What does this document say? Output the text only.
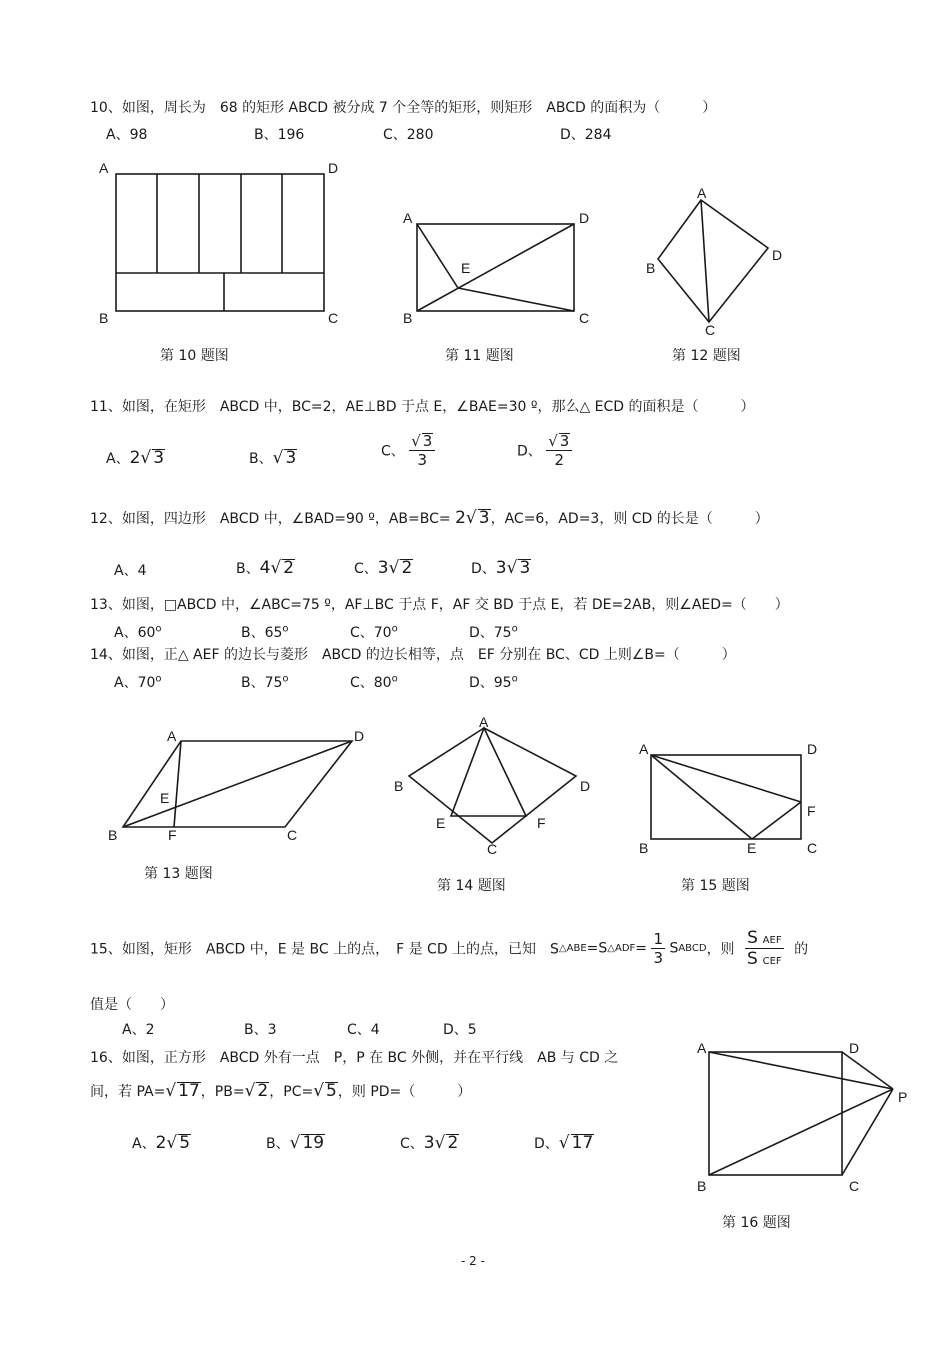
10、如图，周长为　68 的矩形 ABCD 被分成 7 个全等的矩形，则矩形　ABCD 的面积为（　　　）
A、98	B、196	C、280	D、284
A	D
B	C
A	D
E
B	C
A
D
B
C
第 10 题图	第 11 题图	第 12 题图
11、如图，在矩形　ABCD 中，BC=2，AE⊥BD 于点 E，∠BAE=30 º，那么△ ECD 的面积是（　　　）
A、2√ 3	B、√ 3	C、 $\frac{√ 3}{3}$	D、 $\frac{√ 3}{2}$
12、如图，四边形　ABCD 中，∠BAD=90 º，AB=BC= 2√ 3，AC=6，AD=3，则 CD 的长是（　　　）
A、4	B、4√ 2	C、3√ 2	D、3√ 3
13、如图，□ABCD 中，∠ABC=75 º，AF⊥BC 于点 F，AF 交 BD 于点 E，若 DE=2AB，则∠AED=（　　）
A、60$^o$	B、65$^o$	C、70$^o$	D、75$^o$
14、如图，正△ AEF 的边长与菱形　ABCD 的边长相等，点　EF 分别在 BC、CD 上则∠B=（　　　）
A、70$^o$	B、75$^o$	C、80$^o$	D、95$^o$
A	D
E
B	F	C
A
D
B
E	F
C
A	D
F
B	E	C
第 13 题图
第 14 题图	第 15 题图
15、如图，矩形　ABCD 中，E 是 BC 上的点，　F 是 CD 上的点，已知　S△ABE=S△ADF= $\frac{1}{3}$ SABCD，则 $\frac{\text{S AEF}}{\text{S CEF}}$ 的
值是（　　）
A、2	B、3	C、4	D、5
16、如图，正方形　ABCD 外有一点　P，P 在 BC 外侧，并在平行线　AB 与 CD 之
间，若 PA=√ 17，PB=√ 2，PC=√ 5，则 PD=（　　　）
A、2√ 5	B、√ 19	C、3√ 2	D、√ 17
A	D
P
B	C
第 16 题图
- 2 -
